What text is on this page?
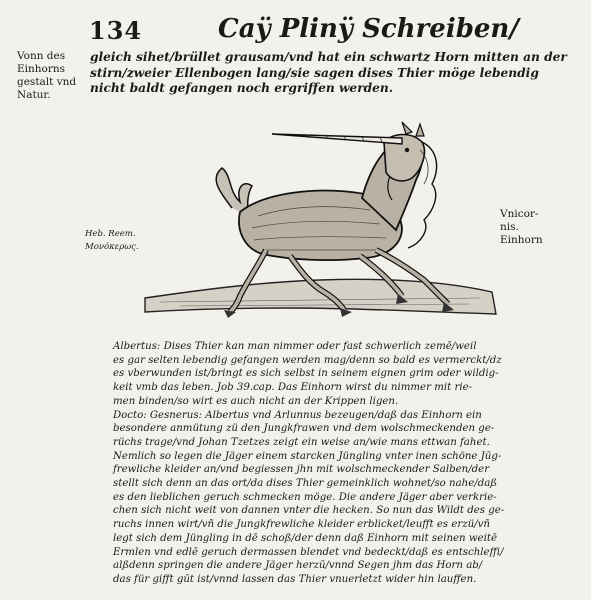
134	Caÿ Plinÿ Schreiben/
Vonn des
Einhorns
gestalt vnd
Natur.
gleich sihet/brüllet grausam/vnd hat ein schwartz Horn mitten an der
stirn/zweier Ellenbogen lang/sie sagen dises Thier möge lebendig
nicht baldt gefangen noch ergriffen werden.
Heb. Reem.
Μονόκερως.
Vnicor-
nis.
Einhorn
Albertus: Dises Thier kan man nimmer oder fast schwerlich zemē/weil
es gar selten lebendig gefangen werden mag/denn so bald es vermerckt/dz
es vberwunden ist/bringt es sich selbst in seinem eignen grim oder wildig-
keit vmb das leben. Job 39.cap. Das Einhorn wirst du nimmer mit rie-
men binden/so wirt es auch nicht an der Krippen ligen.
Docto: Gesnerus: Albertus vnd Arlunnus bezeugen/daß das Einhorn ein
besondere anmütung zü den Jungkfrawen vnd dem wolschmeckenden ge-
rüchs trage/vnd Johan Tzetzes zeigt ein weise an/wie mans ettwan fahet.
Nemlich so legen die Jäger einem starcken Jüngling vnter inen schöne Jūg-
frewliche kleider an/vnd begiessen jhn mit wolschmeckender Salben/der
stellt sich denn an das ort/da dises Thier gemeinklich wohnet/so nahe/daß
es den lieblichen geruch schmecken möge. Die andere Jäger aber verkrie-
chen sich nicht weit von dannen vnter die hecken. So nun das Wildt des ge-
ruchs innen wirt/vñ die Jungkfrewliche kleider erblicket/leufft es erzü/vñ
legt sich dem Jüngling in dē schoß/der denn daß Einhorn mit seinen weitē
Ermlen vnd edlē geruch dermassen blendet vnd bedeckt/daß es entschleffi/
alßdenn springen die andere Jäger herzū/vnnd Segen jhm das Horn ab/
das für gifft gūt ist/vnnd lassen das Thier vnuerletzt wider hin lauffen.
